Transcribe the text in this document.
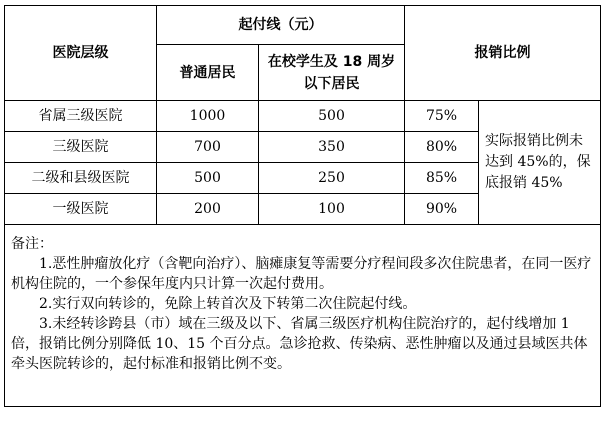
医院层级	起付线（元）		报销比例	
	普通居民	在校学生及 18 周岁以下居民		
省属三级医院	1000	500	75%	实际报销比例未达到 45%的，保底报销 45%
三级医院	700	350	80%	
二级和县级医院	500	250	85%	
一级医院	200	100	90%	

备注：
1.恶性肿瘤放化疗（含靶向治疗）、脑瘫康复等需要分疗程间段多次住院患者，在同一医疗机构住院的，一个参保年度内只计算一次起付费用。
2.实行双向转诊的，免除上转首次及下转第二次住院起付线。
3.未经转诊跨县（市）域在三级及以下、省属三级医疗机构住院治疗的，起付线增加 1 倍，报销比例分别降低 10、15 个百分点。急诊抢救、传染病、恶性肿瘤以及通过县域医共体牵头医院转诊的，起付标准和报销比例不变。				
